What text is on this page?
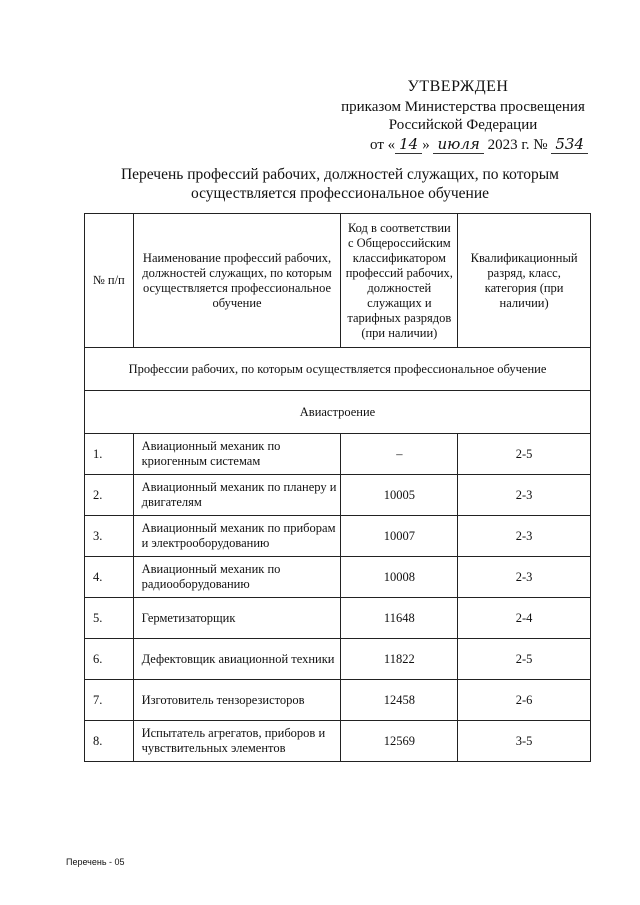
УТВЕРЖДЕН
приказом Министерства просвещения
Российской Федерации
от « 14 » июля 2023 г. № 534
Перечень профессий рабочих, должностей служащих, по которым
осуществляется профессиональное обучение
№ п/п	Наименование профессий рабочих, должностей служащих, по которым осуществляется профессиональное обучение	Код в соответствии с Общероссийским классификатором профессий рабочих, должностей служащих и тарифных разрядов (при наличии)	Квалификационный разряд, класс, категория (при наличии)
Профессии рабочих, по которым осуществляется профессиональное обучение			
Авиастроение			
1.	Авиационный механик по криогенным системам	–	2-5
2.	Авиационный механик по планеру и двигателям	10005	2-3
3.	Авиационный механик по приборам и электрооборудованию	10007	2-3
4.	Авиационный механик по радиооборудованию	10008	2-3
5.	Герметизаторщик	11648	2-4
6.	Дефектовщик авиационной техники	11822	2-5
7.	Изготовитель тензорезисторов	12458	2-6
8.	Испытатель агрегатов, приборов и чувствительных элементов	12569	3-5
Перечень - 05
